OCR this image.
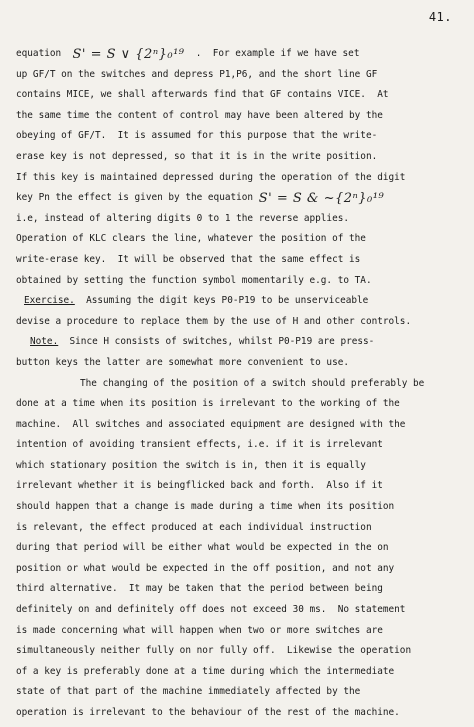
41.
equation S' = S ∨ {2ⁿ}₀¹⁹  .  For example if we have set
up GF/T on the switches and depress P1,P6, and the short line GF
contains MICE, we shall afterwards find that GF contains VICE.  At
the same time the content of control may have been altered by the
obeying of GF/T.  It is assumed for this purpose that the write-
erase key is not depressed, so that it is in the write position.
If this key is maintained depressed during the operation of the digit
key Pn the effect is given by the equation S' = S & ~{2ⁿ}₀¹⁹
i.e, instead of altering digits 0 to 1 the reverse applies.
Operation of KLC clears the line, whatever the position of the
write-erase key.  It will be observed that the same effect is
obtained by setting the function symbol momentarily e.g. to TA.
Exercise.  Assuming the digit keys P0-P19 to be unserviceable
devise a procedure to replace them by the use of H and other controls.
Note.  Since H consists of switches, whilst P0-P19 are press-
button keys the latter are somewhat more convenient to use.
The changing of the position of a switch should preferably be
done at a time when its position is irrelevant to the working of the
machine.  All switches and associated equipment are designed with the
intention of avoiding transient effects, i.e. if it is irrelevant
which stationary position the switch is in, then it is equally
irrelevant whether it is beingflicked back and forth.  Also if it
should happen that a change is made during a time when its position
is relevant, the effect produced at each individual instruction
during that period will be either what would be expected in the on
position or what would be expected in the off position, and not any
third alternative.  It may be taken that the period between being
definitely on and definitely off does not exceed 30 ms.  No statement
is made concerning what will happen when two or more switches are
simultaneously neither fully on nor fully off.  Likewise the operation
of a key is preferably done at a time during which the intermediate
state of that part of the machine immediately affected by the
operation is irrelevant to the behaviour of the rest of the machine.
